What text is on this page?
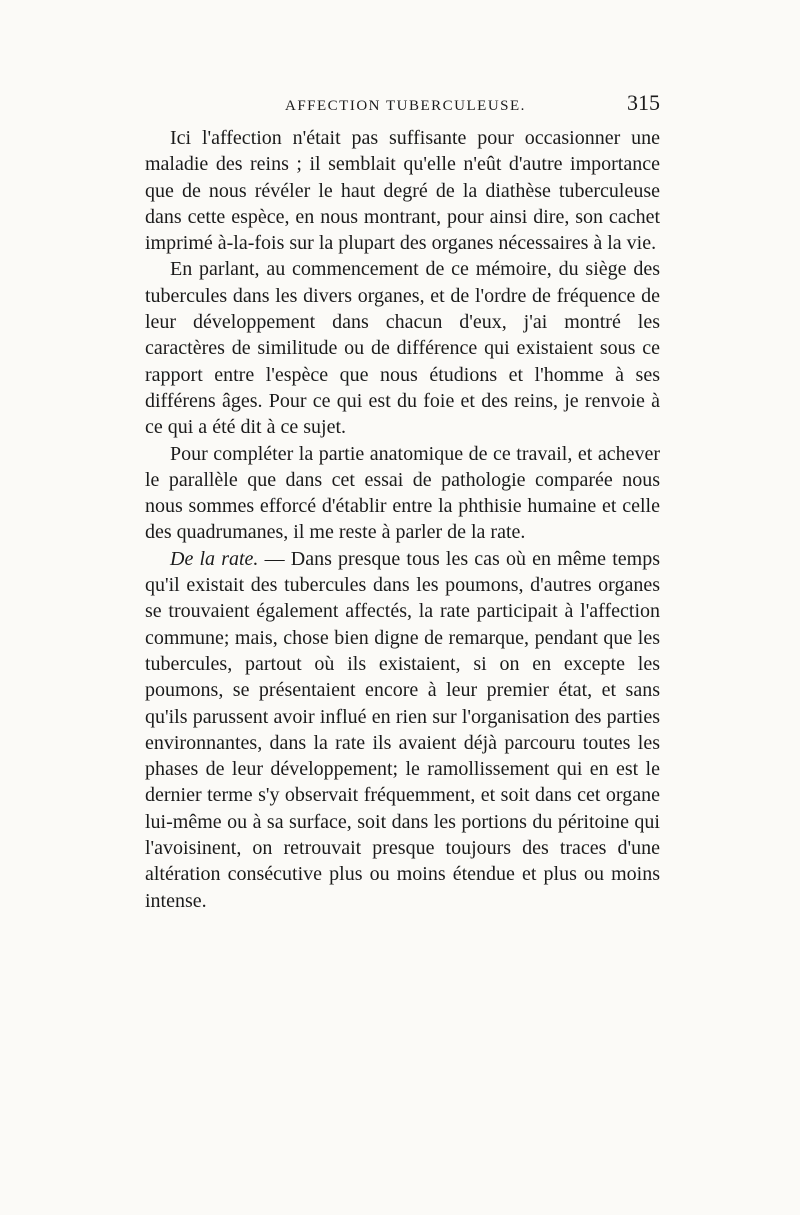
AFFECTION TUBERCULEUSE.	315

Ici l'affection n'était pas suffisante pour occasionner une maladie des reins ; il semblait qu'elle n'eût d'autre importance que de nous révéler le haut degré de la diathèse tuberculeuse dans cette espèce, en nous montrant, pour ainsi dire, son cachet imprimé à-la-fois sur la plupart des organes nécessaires à la vie.

En parlant, au commencement de ce mémoire, du siège des tubercules dans les divers organes, et de l'ordre de fréquence de leur développement dans chacun d'eux, j'ai montré les caractères de similitude ou de différence qui existaient sous ce rapport entre l'espèce que nous étudions et l'homme à ses différens âges. Pour ce qui est du foie et des reins, je renvoie à ce qui a été dit à ce sujet.

Pour compléter la partie anatomique de ce travail, et achever le parallèle que dans cet essai de pathologie comparée nous nous sommes efforcé d'établir entre la phthisie humaine et celle des quadrumanes, il me reste à parler de la rate.

De la rate. — Dans presque tous les cas où en même temps qu'il existait des tubercules dans les poumons, d'autres organes se trouvaient également affectés, la rate participait à l'affection commune; mais, chose bien digne de remarque, pendant que les tubercules, partout où ils existaient, si on en excepte les poumons, se présentaient encore à leur premier état, et sans qu'ils parussent avoir influé en rien sur l'organisation des parties environnantes, dans la rate ils avaient déjà parcouru toutes les phases de leur développement; le ramollissement qui en est le dernier terme s'y observait fréquemment, et soit dans cet organe lui-même ou à sa surface, soit dans les portions du péritoine qui l'avoisinent, on retrouvait presque toujours des traces d'une altération consécutive plus ou moins étendue et plus ou moins intense.
